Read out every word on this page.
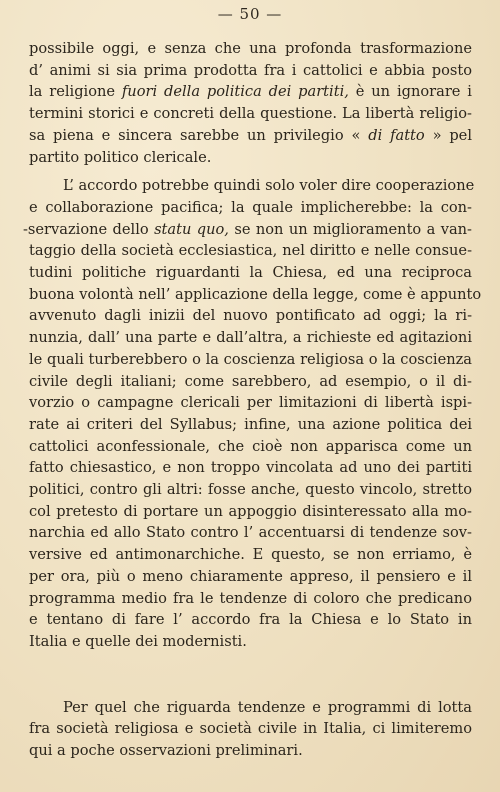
— 50 —
possibile oggi, e senza che una profonda trasformazione
d’ animi si sia prima prodotta fra i cattolici e abbia posto
la religione fuori della politica dei partiti, è un ignorare i
termini storici e concreti della questione. La libertà religio-
sa piena e sincera sarebbe un privilegio « di fatto » pel
partito politico clericale.
L’ accordo potrebbe quindi solo voler dire cooperazione
e collaborazione pacifica; la quale implicherebbe: la con-
-servazione dello statu quo, se non un miglioramento a van-
taggio della società ecclesiastica, nel diritto e nelle consue-
tudini politiche riguardanti la Chiesa, ed una reciproca
buona volontà nell’ applicazione della legge, come è appunto
avvenuto dagli inizii del nuovo pontificato ad oggi; la ri-
nunzia, dall’ una parte e dall’altra, a richieste ed agitazioni
le quali turberebbero o la coscienza religiosa o la coscienza
civile degli italiani; come sarebbero, ad esempio, o il di-
vorzio o campagne clericali per limitazioni di libertà ispi-
rate ai criteri del Syllabus; infine, una azione politica dei
cattolici aconfessionale, che cioè non apparisca come un
fatto chiesastico, e non troppo vincolata ad uno dei partiti
politici, contro gli altri: fosse anche, questo vincolo, stretto
col pretesto di portare un appoggio disinteressato alla mo-
narchia ed allo Stato contro l’ accentuarsi di tendenze sov-
versive ed antimonarchiche. E questo, se non erriamo, è
per ora, più o meno chiaramente appreso, il pensiero e il
programma medio fra le tendenze di coloro che predicano
e tentano di fare l’ accordo fra la Chiesa e lo Stato in
Italia e quelle dei modernisti.
Per quel che riguarda tendenze e programmi di lotta
fra società religiosa e società civile in Italia, ci limiteremo
qui a poche osservazioni preliminari.
